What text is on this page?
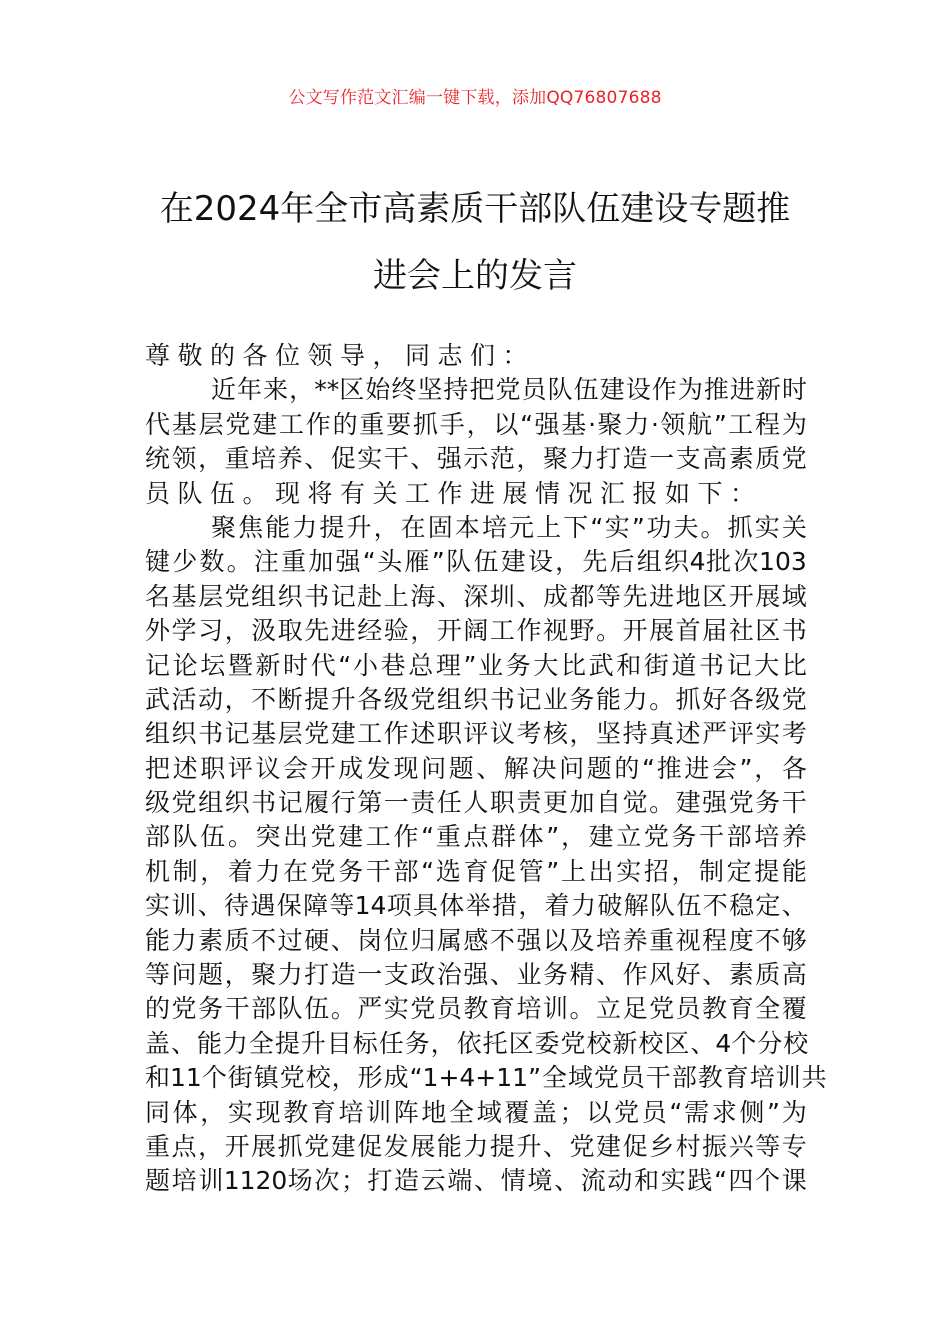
公文写作范文汇编一键下载，添加QQ76807688
在2024年全市高素质干部队伍建设专题推
进会上的发言
尊敬的各位领导，同志们：
近 年 来 ，**区 始 终 坚 持 把 党 员 队 伍 建 设 作 为 推 进 新 时
代 基 层 党 建 工 作 的 重 要 抓 手 ， 以 “ 强 基 · 聚 力 · 领 航 ” 工 程 为
统 领 ， 重 培 养 、 促 实 干 、 强 示 范 ， 聚 力 打 造 一 支 高 素 质 党
员队伍。现将有关工作进展情况汇报如下：
聚 焦 能 力 提 升 ， 在 固 本 培 元 上 下 “ 实 ” 功 夫 。 抓 实 关
键 少 数 。 注 重 加 强 “ 头 雁 ” 队 伍 建 设 ， 先 后 组 织4批 次103
名 基 层 党 组 织 书 记 赴 上 海 、 深 圳 、 成 都 等 先 进 地 区 开 展 域
外 学 习 ， 汲 取 先 进 经 验 ， 开 阔 工 作 视 野 。 开 展 首 届 社 区 书
记 论 坛 暨 新 时 代 “ 小 巷 总 理 ” 业 务 大 比 武 和 街 道 书 记 大 比
武 活 动 ， 不 断 提 升 各 级 党 组 织 书 记 业 务 能 力 。 抓 好 各 级 党
组 织 书 记 基 层 党 建 工 作 述 职 评 议 考 核 ， 坚 持 真 述 严 评 实 考
把 述 职 评 议 会 开 成 发 现 问 题 、 解 决 问 题 的 “ 推 进 会 ” ， 各
级 党 组 织 书 记 履 行 第 一 责 任 人 职 责 更 加 自 觉 。 建 强 党 务 干
部 队 伍 。 突 出 党 建 工 作 “ 重 点 群 体 ” ， 建 立 党 务 干 部 培 养
机 制 ， 着 力 在 党 务 干 部 “ 选 育 促 管 ” 上 出 实 招 ， 制 定 提 能
实 训 、 待 遇 保 障 等14项 具 体 举 措 ， 着 力 破 解 队 伍 不 稳 定 、
能 力 素 质 不 过 硬 、 岗 位 归 属 感 不 强 以 及 培 养 重 视 程 度 不 够
等 问 题 ， 聚 力 打 造 一 支 政 治 强 、 业 务 精 、 作 风 好 、 素 质 高
的 党 务 干 部 队 伍 。 严 实 党 员 教 育 培 训 。 立 足 党 员 教 育 全 覆
盖 、 能 力 全 提 升 目 标 任 务 ， 依 托 区 委 党 校 新 校 区 、4个 分 校
和11个 街 镇 党 校 ， 形 成 “1+4+11” 全 域 党 员 干 部 教 育 培 训 共
同 体 ， 实 现 教 育 培 训 阵 地 全 域 覆 盖 ； 以 党 员 “ 需 求 侧 ” 为
重 点 ， 开 展 抓 党 建 促 发 展 能 力 提 升 、 党 建 促 乡 村 振 兴 等 专
题 培 训1120场 次 ； 打 造 云 端 、 情 境 、 流 动 和 实 践 “ 四 个 课
